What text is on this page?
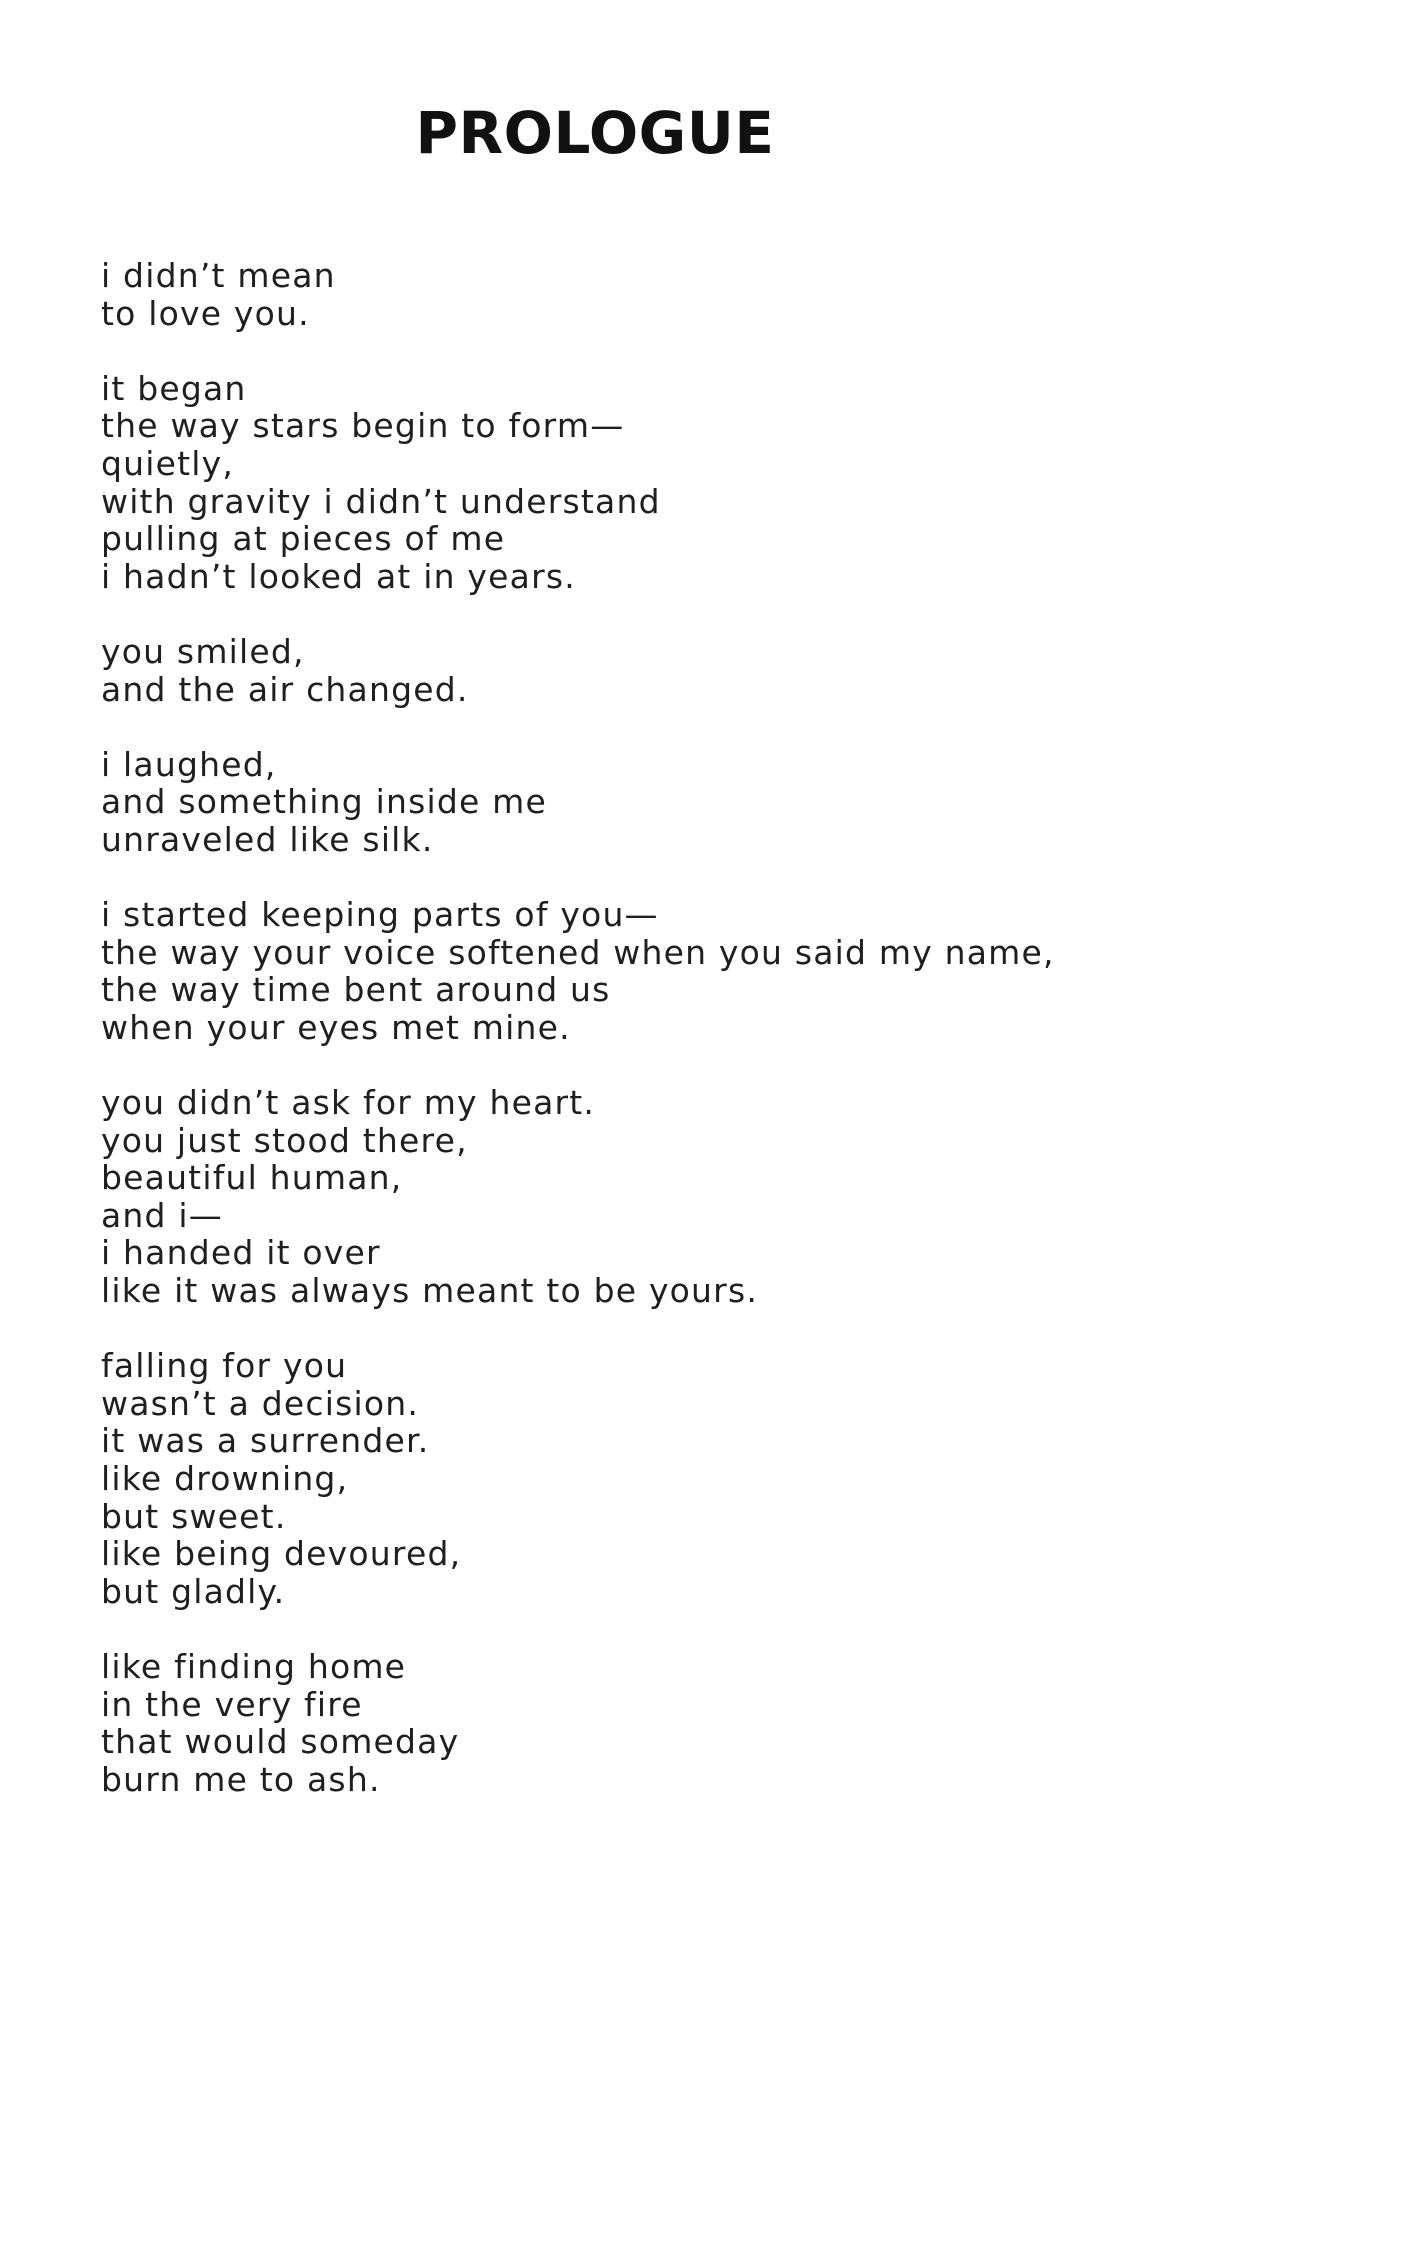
PROLOGUE

i didn’t mean
to love you.

it began
the way stars begin to form—
quietly,
with gravity i didn’t understand
pulling at pieces of me
i hadn’t looked at in years.

you smiled,
and the air changed.

i laughed,
and something inside me
unraveled like silk.

i started keeping parts of you—
the way your voice softened when you said my name,
the way time bent around us
when your eyes met mine.

you didn’t ask for my heart.
you just stood there,
beautiful human,
and i—
i handed it over
like it was always meant to be yours.

falling for you
wasn’t a decision.
it was a surrender.
like drowning,
but sweet.
like being devoured,
but gladly.

like finding home
in the very fire
that would someday
burn me to ash.
